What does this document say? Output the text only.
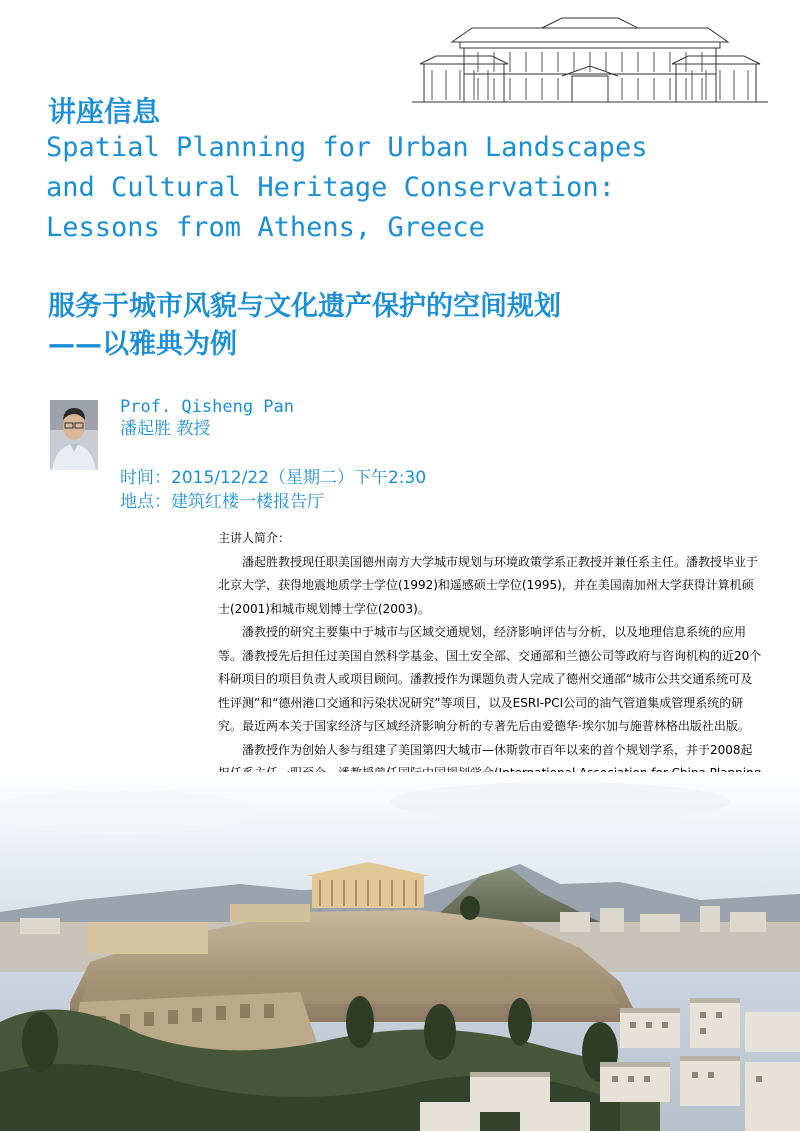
讲座信息
Spatial Planning for Urban Landscapes
and Cultural Heritage Conservation:
Lessons from Athens, Greece
服务于城市风貌与文化遗产保护的空间规划
——以雅典为例
Prof. Qisheng Pan
潘起胜 教授
时间：2015/12/22（星期二）下午2:30
地点：建筑红楼一楼报告厅
主讲人简介：

潘起胜教授现任职美国德州南方大学城市规划与环境政策学系正教授并兼任系主任。潘教授毕业于北京大学，获得地震地质学士学位(1992)和遥感硕士学位(1995)，并在美国南加州大学获得计算机硕士(2001)和城市规划博士学位(2003)。

潘教授的研究主要集中于城市与区域交通规划，经济影响评估与分析，以及地理信息系统的应用等。潘教授先后担任过美国自然科学基金、国土安全部、交通部和兰德公司等政府与咨询机构的近20个科研项目的项目负责人或项目顾问。潘教授作为课题负责人完成了德州交通部“城市公共交通系统可及性评测”和“德州港口交通和污染状况研究”等项目，以及ESRI-PCI公司的油气管道集成管理系统的研究。最近两本关于国家经济与区域经济影响分析的专著先后由爱德华·埃尔加与施普林格出版社出版。

潘教授作为创始人参与组建了美国第四大城市—休斯敦市百年以来的首个规划学系，并于2008起
